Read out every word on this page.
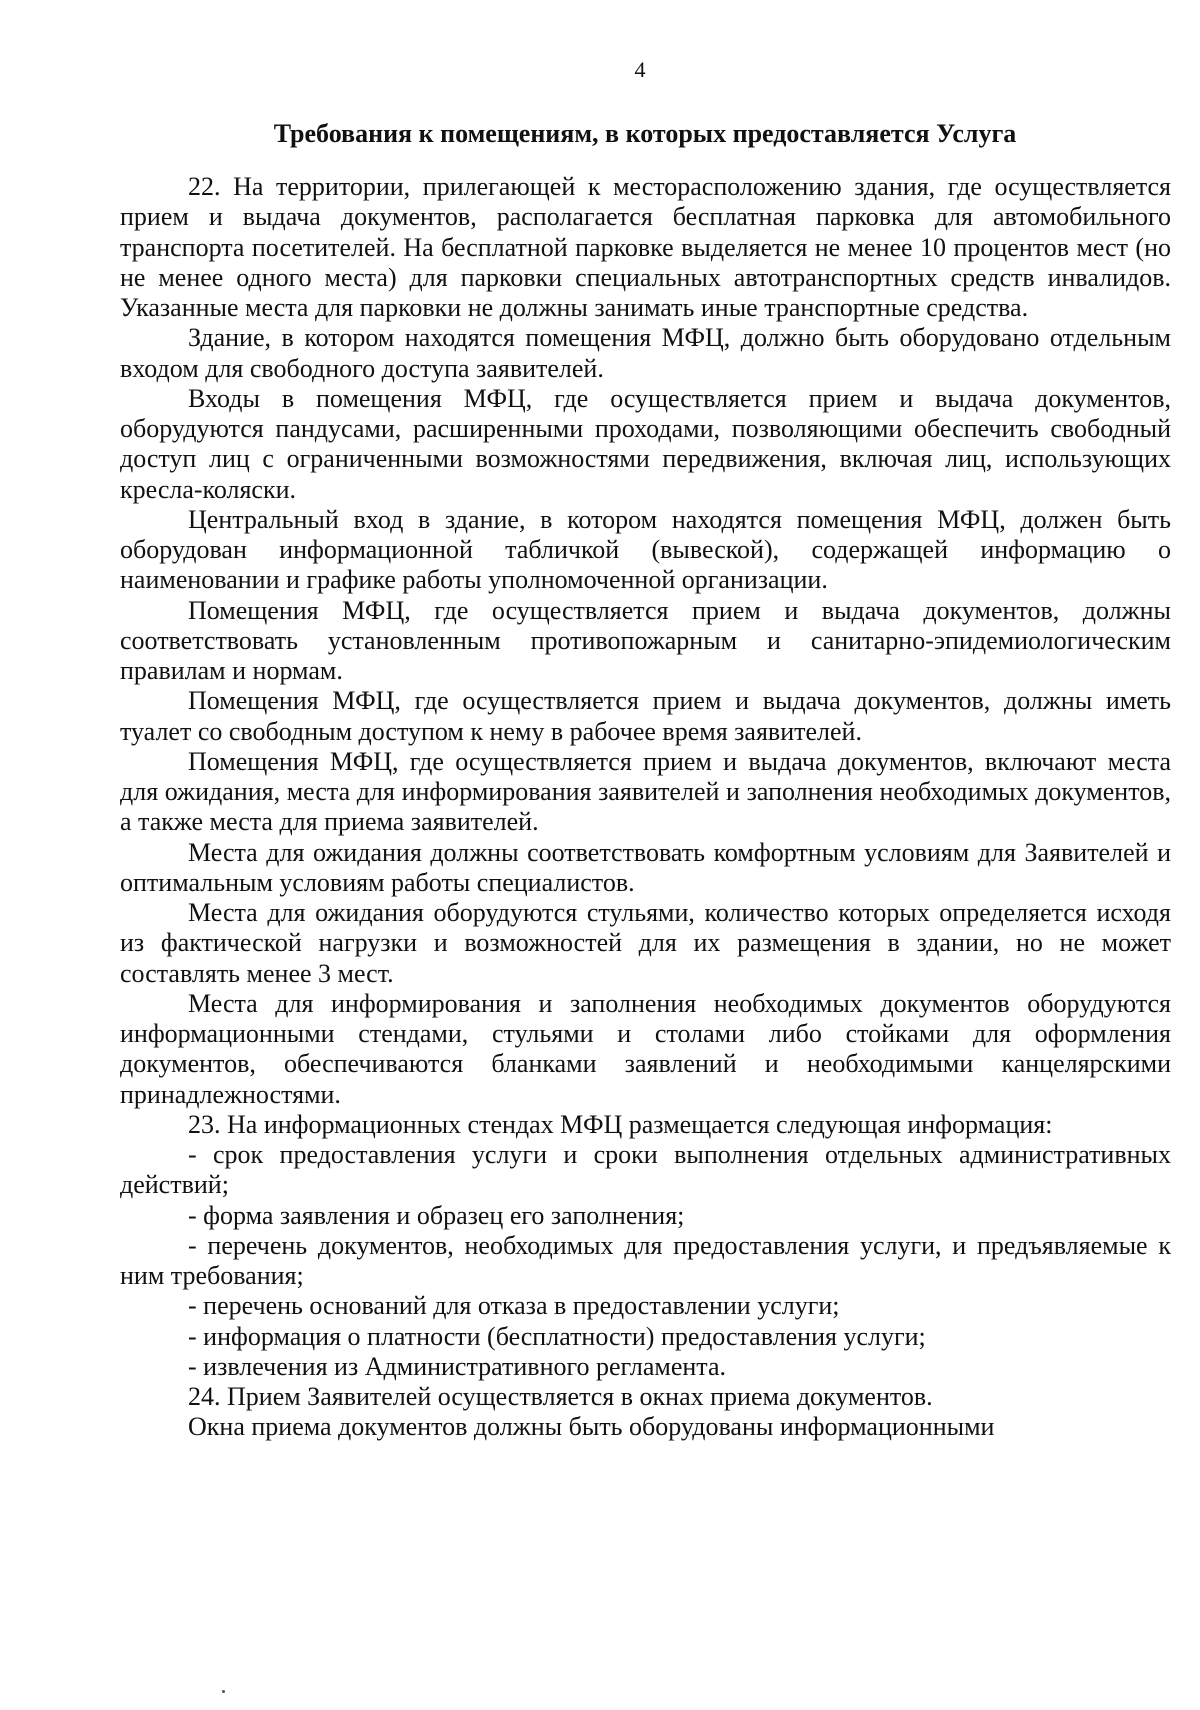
4
Требования к помещениям, в которых предоставляется Услуга

22. На территории, прилегающей к месторасположению здания, где осуществляется прием и выдача документов, располагается бесплатная парковка для автомобильного транспорта посетителей. На бесплатной парковке выделяется не менее 10 процентов мест (но не менее одного места) для парковки специальных автотранспортных средств инвалидов. Указанные места для парковки не должны занимать иные транспортные средства.

Здание, в котором находятся помещения МФЦ, должно быть оборудовано отдельным входом для свободного доступа заявителей.

Входы в помещения МФЦ, где осуществляется прием и выдача документов, оборудуются пандусами, расширенными проходами, позволяющими обеспечить свободный доступ лиц с ограниченными возможностями передвижения, включая лиц, использующих кресла-коляски.

Центральный вход в здание, в котором находятся помещения МФЦ, должен быть оборудован информационной табличкой (вывеской), содержащей информацию о наименовании и графике работы уполномоченной организации.

Помещения МФЦ, где осуществляется прием и выдача документов, должны соответствовать установленным противопожарным и санитарно-эпидемиологическим правилам и нормам.

Помещения МФЦ, где осуществляется прием и выдача документов, должны иметь туалет со свободным доступом к нему в рабочее время заявителей.

Помещения МФЦ, где осуществляется прием и выдача документов, включают места для ожидания, места для информирования заявителей и заполнения необходимых документов, а также места для приема заявителей.

Места для ожидания должны соответствовать комфортным условиям для Заявителей и оптимальным условиям работы специалистов.

Места для ожидания оборудуются стульями, количество которых определяется исходя из фактической нагрузки и возможностей для их размещения в здании, но не может составлять менее 3 мест.

Места для информирования и заполнения необходимых документов оборудуются информационными стендами, стульями и столами либо стойками для оформления документов, обеспечиваются бланками заявлений и необходимыми канцелярскими принадлежностями.

23. На информационных стендах МФЦ размещается следующая информация:

- срок предоставления услуги и сроки выполнения отдельных административных действий;

- форма заявления и образец его заполнения;

- перечень документов, необходимых для предоставления услуги, и предъявляемые к ним требования;

- перечень оснований для отказа в предоставлении услуги;

- информация о платности (бесплатности) предоставления услуги;

- извлечения из Административного регламента.

24. Прием Заявителей осуществляется в окнах приема документов.

Окна приема документов должны быть оборудованы информационными
